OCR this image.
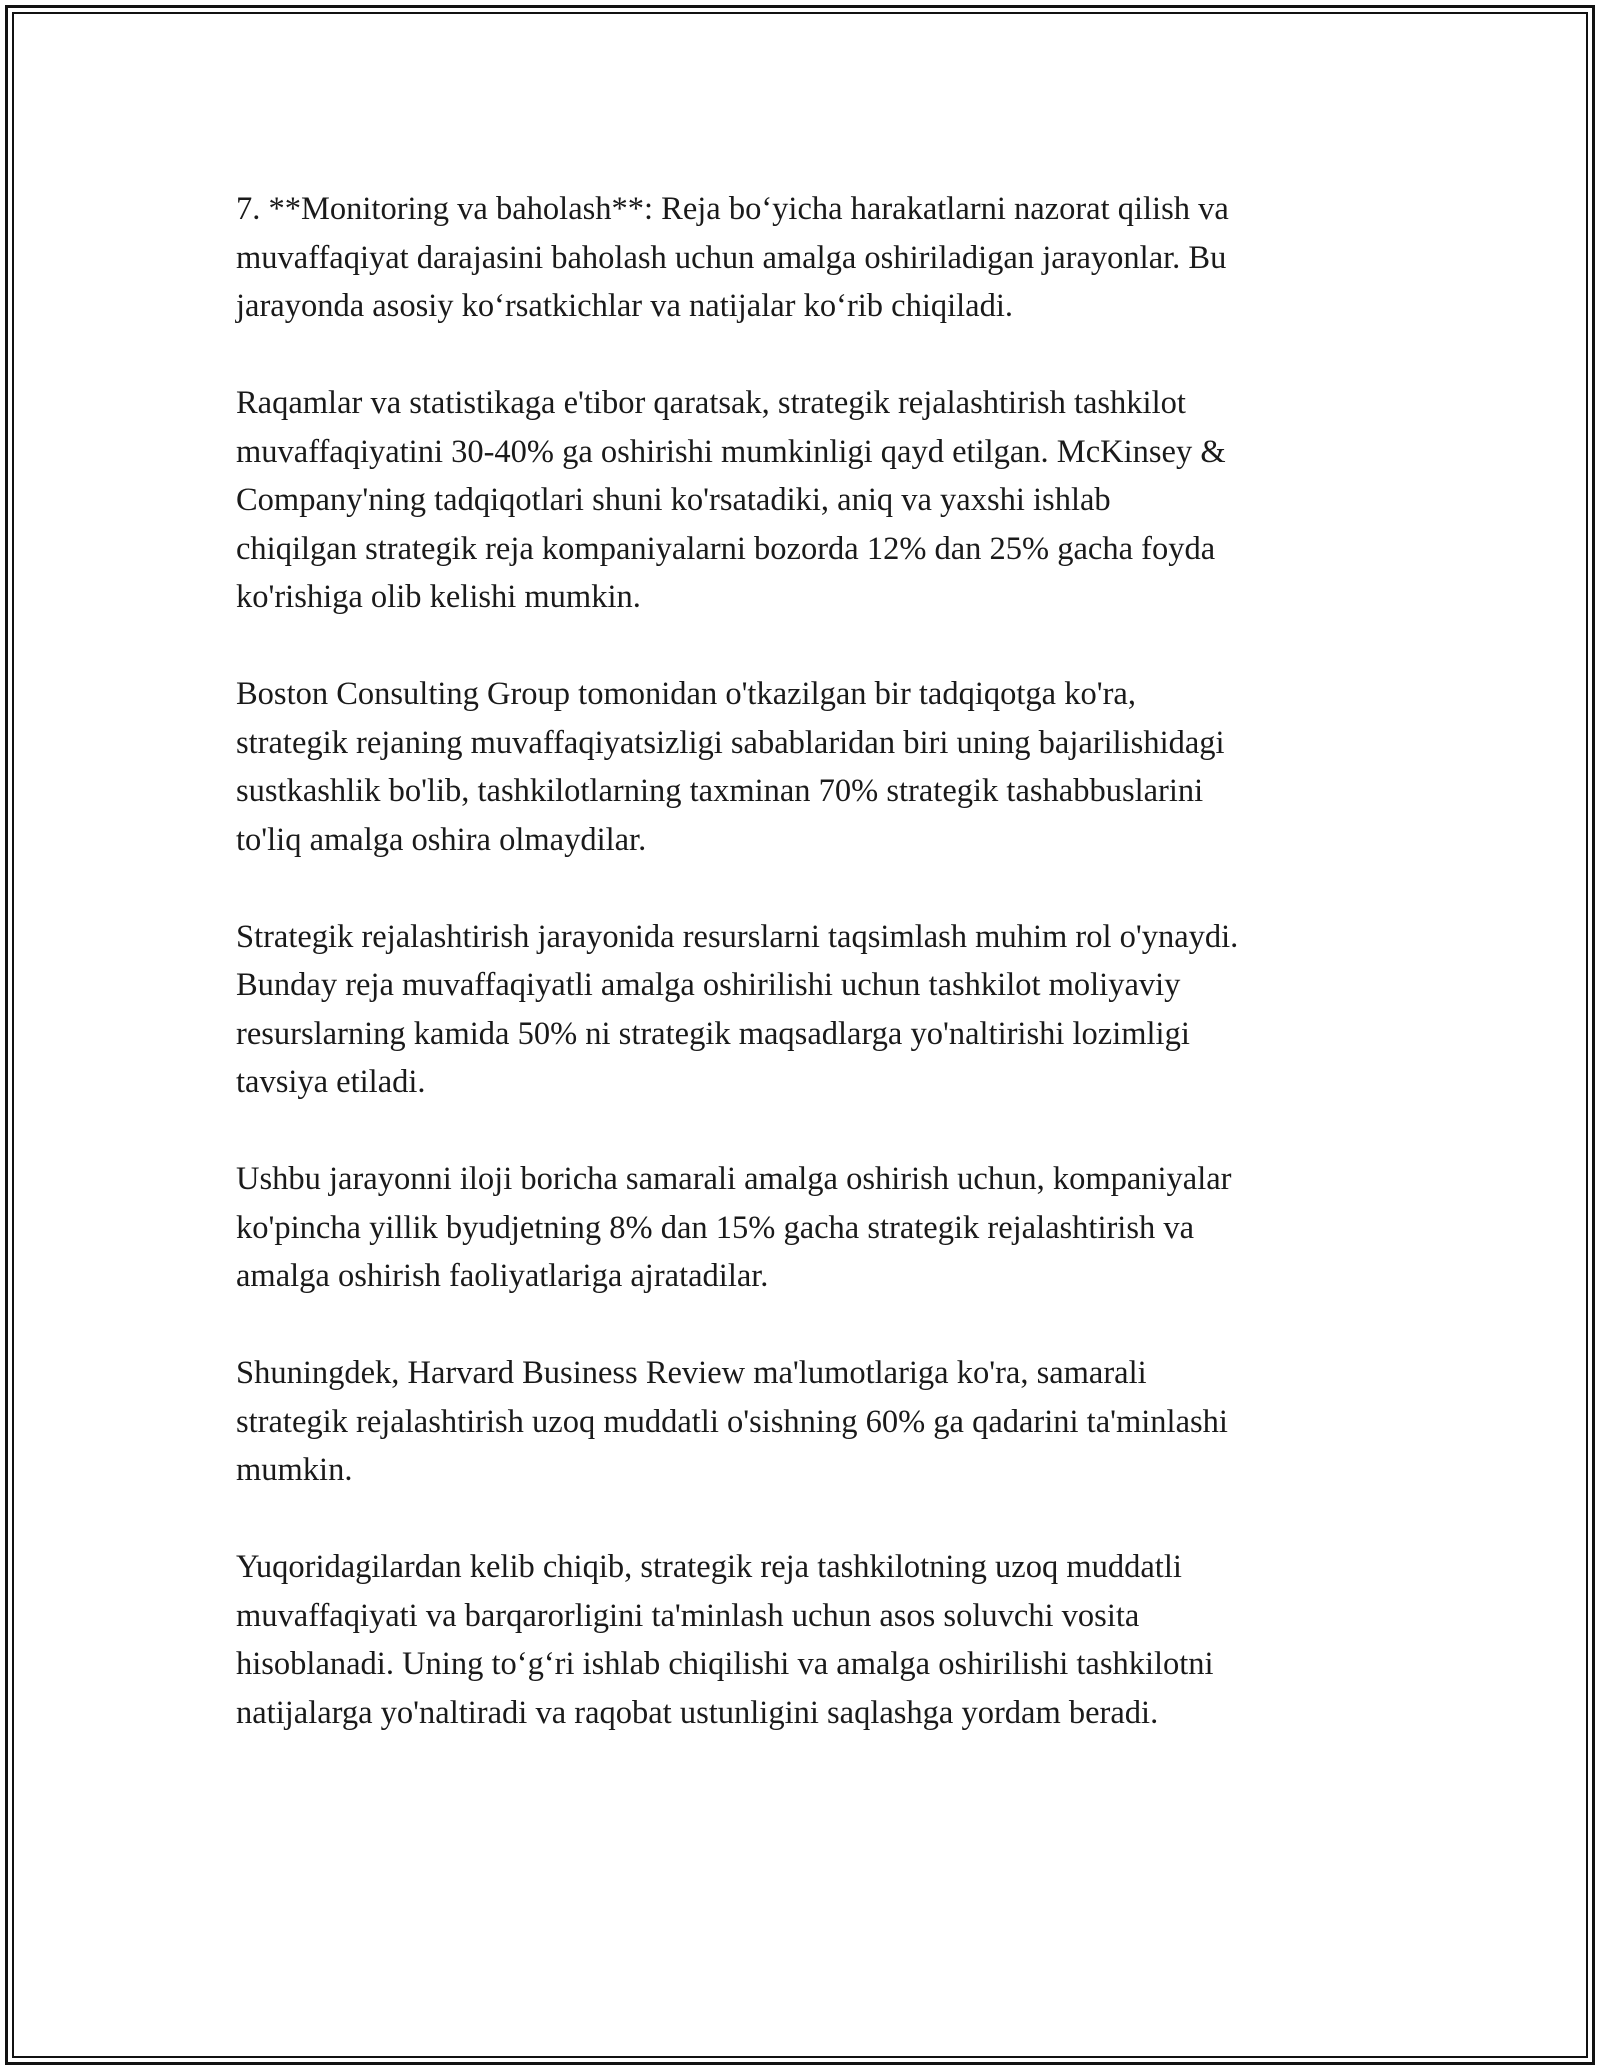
7. **Monitoring va baholash**: Reja bo‘yicha harakatlarni nazorat qilish va
muvaffaqiyat darajasini baholash uchun amalga oshiriladigan jarayonlar. Bu
jarayonda asosiy ko‘rsatkichlar va natijalar ko‘rib chiqiladi.

Raqamlar va statistikaga e'tibor qaratsak, strategik rejalashtirish tashkilot
muvaffaqiyatini 30-40% ga oshirishi mumkinligi qayd etilgan. McKinsey &
Company'ning tadqiqotlari shuni ko'rsatadiki, aniq va yaxshi ishlab
chiqilgan strategik reja kompaniyalarni bozorda 12% dan 25% gacha foyda
ko'rishiga olib kelishi mumkin.

Boston Consulting Group tomonidan o'tkazilgan bir tadqiqotga ko'ra,
strategik rejaning muvaffaqiyatsizligi sabablaridan biri uning bajarilishidagi
sustkashlik bo'lib, tashkilotlarning taxminan 70% strategik tashabbuslarini
to'liq amalga oshira olmaydilar.

Strategik rejalashtirish jarayonida resurslarni taqsimlash muhim rol o'ynaydi.
Bunday reja muvaffaqiyatli amalga oshirilishi uchun tashkilot moliyaviy
resurslarning kamida 50% ni strategik maqsadlarga yo'naltirishi lozimligi
tavsiya etiladi.

Ushbu jarayonni iloji boricha samarali amalga oshirish uchun, kompaniyalar
ko'pincha yillik byudjetning 8% dan 15% gacha strategik rejalashtirish va
amalga oshirish faoliyatlariga ajratadilar.

Shuningdek, Harvard Business Review ma'lumotlariga ko'ra, samarali
strategik rejalashtirish uzoq muddatli o'sishning 60% ga qadarini ta'minlashi
mumkin.

Yuqoridagilardan kelib chiqib, strategik reja tashkilotning uzoq muddatli
muvaffaqiyati va barqarorligini ta'minlash uchun asos soluvchi vosita
hisoblanadi. Uning to‘g‘ri ishlab chiqilishi va amalga oshirilishi tashkilotni
natijalarga yo'naltiradi va raqobat ustunligini saqlashga yordam beradi.
